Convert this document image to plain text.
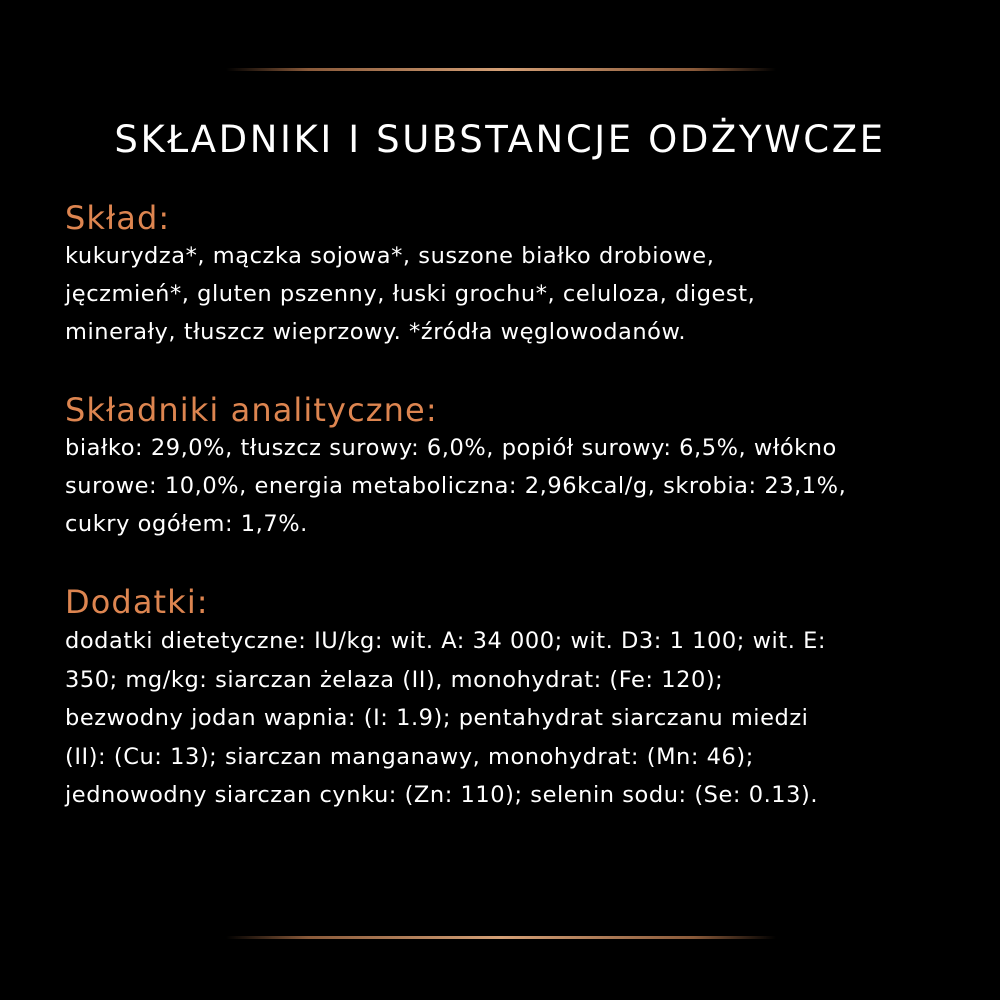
SKŁADNIKI I SUBSTANCJE ODŻYWCZE
Skład:

kukurydza*, mączka sojowa*, suszone białko drobiowe,
jęczmień*, gluten pszenny, łuski grochu*, celuloza, digest,
minerały, tłuszcz wieprzowy. *źródła węglowodanów.

Składniki analityczne:

białko: 29,0%, tłuszcz surowy: 6,0%, popiół surowy: 6,5%, włókno
surowe: 10,0%, energia metaboliczna: 2,96kcal/g, skrobia: 23,1%,
cukry ogółem: 1,7%.

Dodatki:

dodatki dietetyczne: IU/kg: wit. A: 34 000; wit. D3: 1 100; wit. E:
350; mg/kg: siarczan żelaza (II), monohydrat: (Fe: 120);
bezwodny jodan wapnia: (I: 1.9); pentahydrat siarczanu miedzi
(II): (Cu: 13); siarczan manganawy, monohydrat: (Mn: 46);
jednowodny siarczan cynku: (Zn: 110); selenin sodu: (Se: 0.13).
